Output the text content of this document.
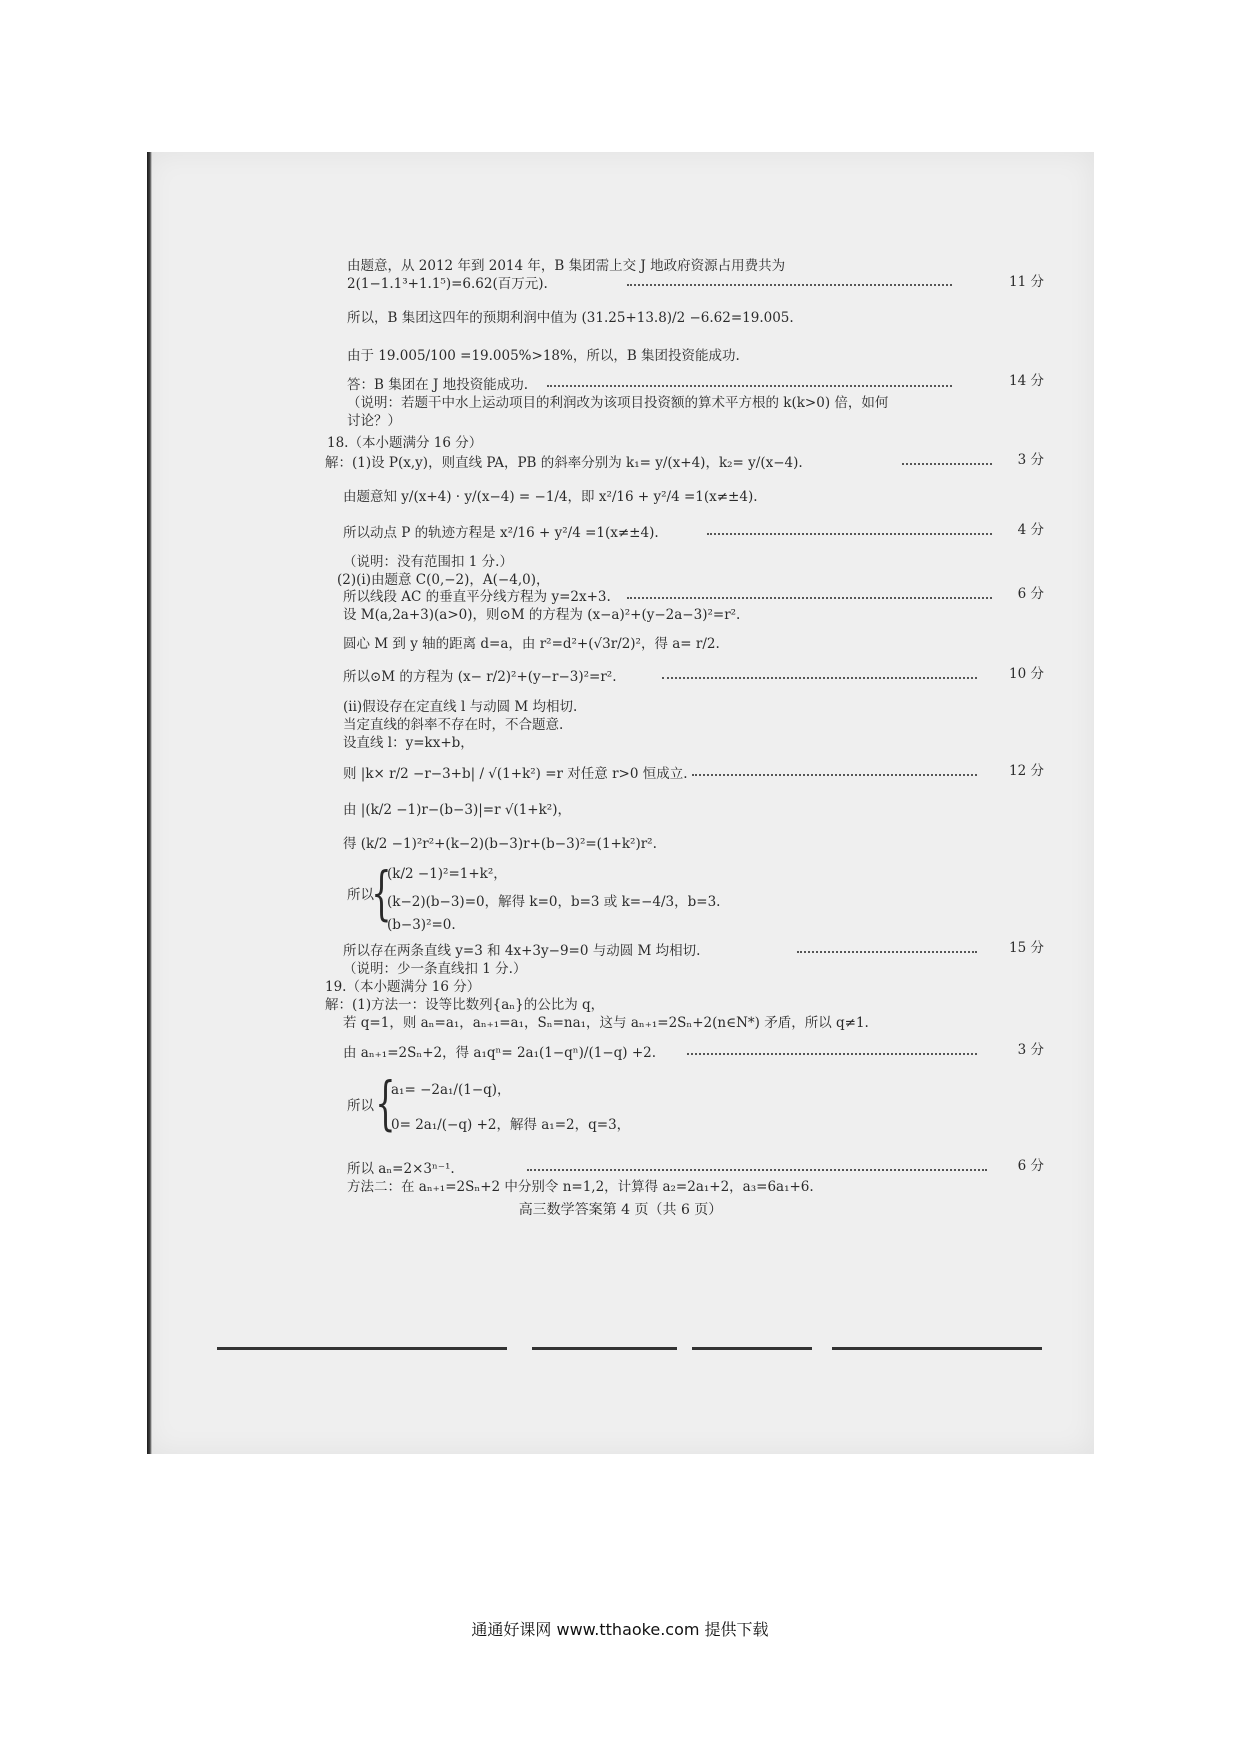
由题意，从 2012 年到 2014 年，B 集团需上交 J 地政府资源占用费共为

2(1−1.1³+1.1⁵)=6.62(百万元).	11 分

所以，B 集团这四年的预期利润中值为 (31.25+13.8)/2 −6.62=19.005.

由于 19.005/100 =19.005%>18%，所以，B 集团投资能成功.

答：B 集团在 J 地投资能成功.	14 分

（说明：若题干中水上运动项目的利润改为该项目投资额的算术平方根的 k(k>0) 倍，如何

讨论？）

18.（本小题满分 16 分）

解：(1)设 P(x,y)，则直线 PA，PB 的斜率分别为 k₁= y/(x+4)，k₂= y/(x−4).	3 分

由题意知 y/(x+4) · y/(x−4) = −1/4，即 x²/16 + y²/4 =1(x≠±4).

所以动点 P 的轨迹方程是 x²/16 + y²/4 =1(x≠±4).	4 分

（说明：没有范围扣 1 分.）

(2)(i)由题意 C(0,−2)，A(−4,0)，

所以线段 AC 的垂直平分线方程为 y=2x+3.	6 分

设 M(a,2a+3)(a>0)，则⊙M 的方程为 (x−a)²+(y−2a−3)²=r².

圆心 M 到 y 轴的距离 d=a，由 r²=d²+(√3r/2)²，得 a= r/2.

所以⊙M 的方程为 (x− r/2)²+(y−r−3)²=r².	10 分

(ii)假设存在定直线 l 与动圆 M 均相切.

当定直线的斜率不存在时，不合题意.

设直线 l：y=kx+b，

则 |k× r/2 −r−3+b| / √(1+k²) =r 对任意 r>0 恒成立.	12 分

由 |(k/2 −1)r−(b−3)|=r √(1+k²)，

得 (k/2 −1)²r²+(k−2)(b−3)r+(b−3)²=(1+k²)r².

{

(k/2 −1)²=1+k²，

所以 (k−2)(b−3)=0，解得 k=0，b=3 或 k=−4/3，b=3.

(b−3)²=0.

所以存在两条直线 y=3 和 4x+3y−9=0 与动圆 M 均相切.	15 分

（说明：少一条直线扣 1 分.）

19.（本小题满分 16 分）

解：(1)方法一：设等比数列{aₙ}的公比为 q，

若 q=1，则 aₙ=a₁，aₙ₊₁=a₁，Sₙ=na₁，这与 aₙ₊₁=2Sₙ+2(n∈N*) 矛盾，所以 q≠1.

由 aₙ₊₁=2Sₙ+2，得 a₁qⁿ= 2a₁(1−qⁿ)/(1−q) +2.	3 分
{

a₁= −2a₁/(1−q)，

所以

0= 2a₁/(−q) +2，解得 a₁=2，q=3，

所以 aₙ=2×3ⁿ⁻¹.	6 分

方法二：在 aₙ₊₁=2Sₙ+2 中分别令 n=1,2，计算得 a₂=2a₁+2，a₃=6a₁+6.

高三数学答案第 4 页（共 6 页）
通通好课网 www.tthaoke.com 提供下载
